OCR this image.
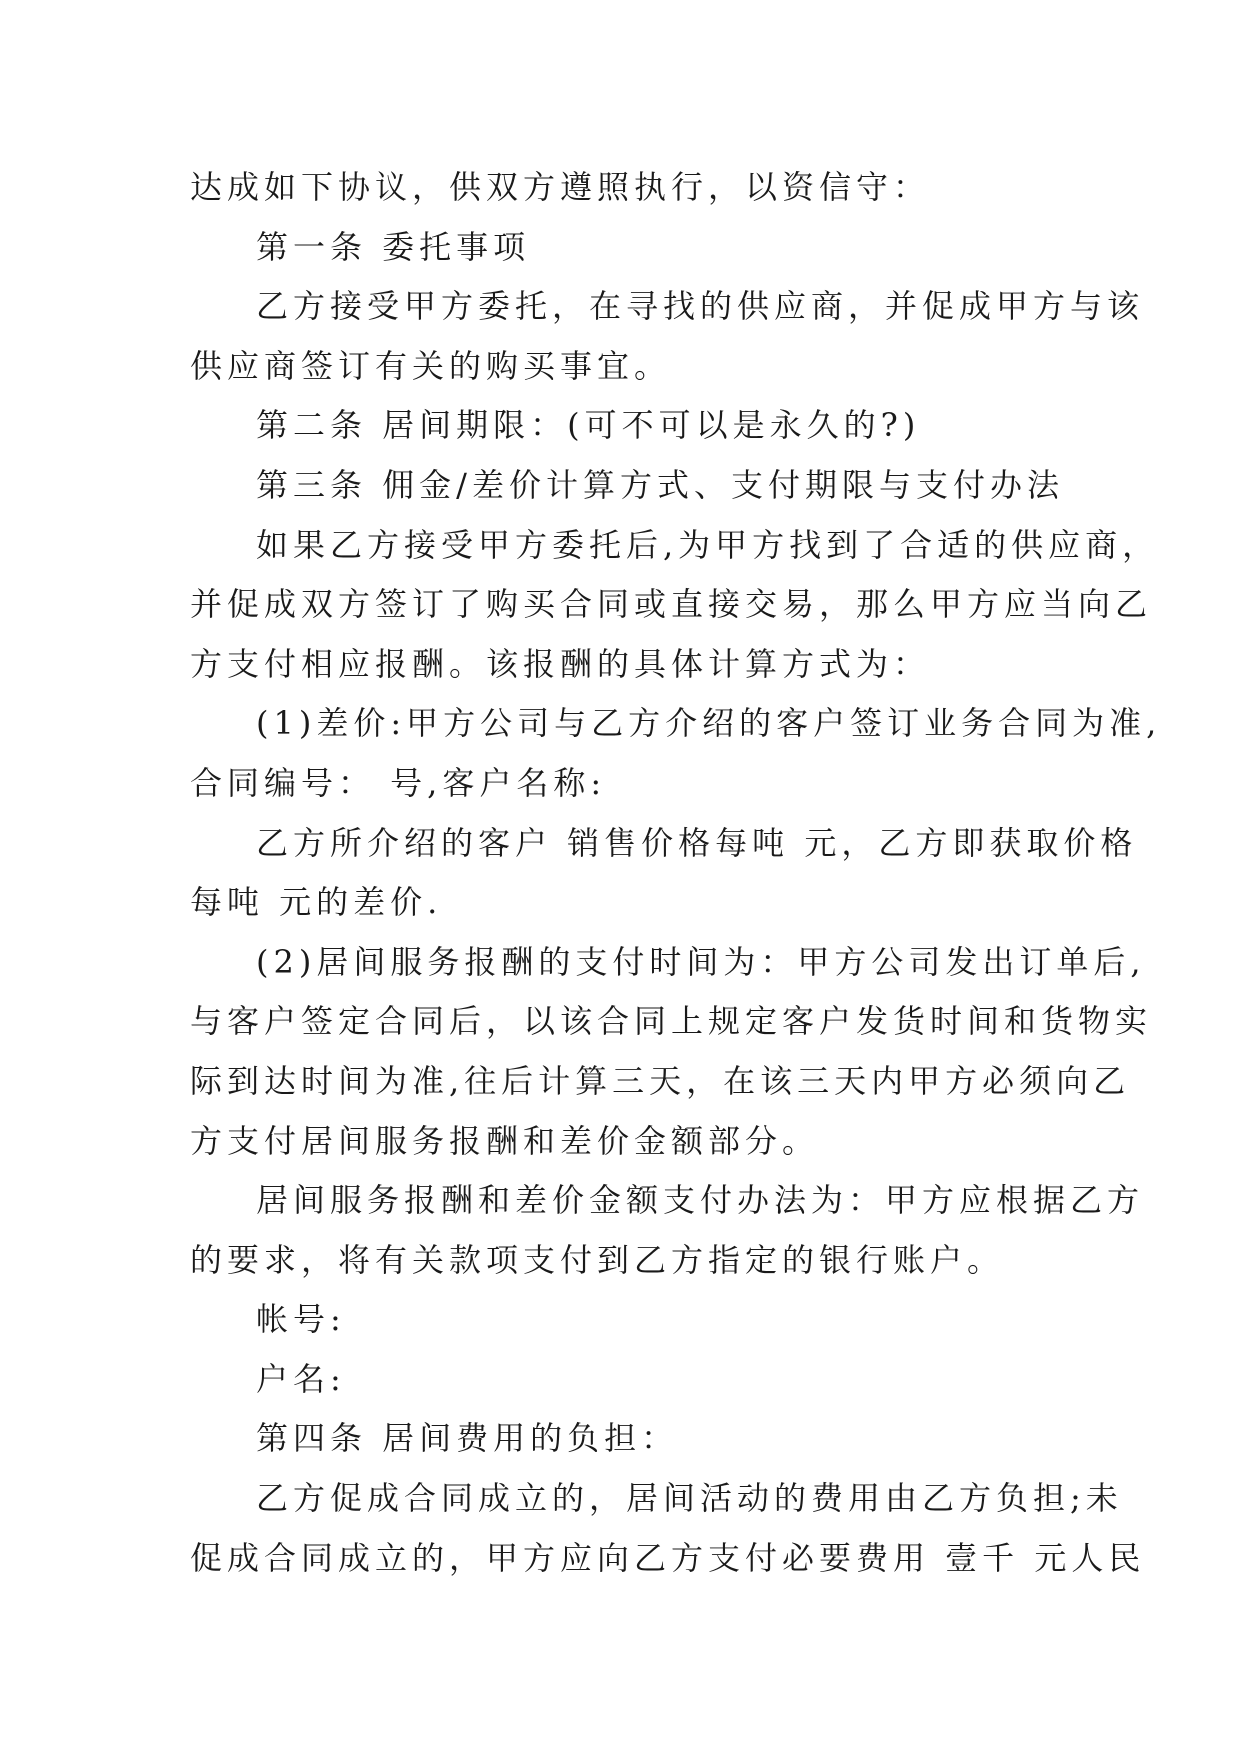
达成如下协议，供双方遵照执行，以资信守：
第一条 委托事项
乙方接受甲方委托，在寻找的供应商，并促成甲方与该
供应商签订有关的购买事宜。
第二条 居间期限：(可不可以是永久的?)
第三条 佣金/差价计算方式、支付期限与支付办法
如果乙方接受甲方委托后,为甲方找到了合适的供应商，
并促成双方签订了购买合同或直接交易，那么甲方应当向乙
方支付相应报酬。该报酬的具体计算方式为：
(1)差价:甲方公司与乙方介绍的客户签订业务合同为准,
合同编号： 号,客户名称:
乙方所介绍的客户 销售价格每吨 元，乙方即获取价格
每吨 元的差价.
(2)居间服务报酬的支付时间为：甲方公司发出订单后,
与客户签定合同后，以该合同上规定客户发货时间和货物实
际到达时间为准,往后计算三天，在该三天内甲方必须向乙
方支付居间服务报酬和差价金额部分。
居间服务报酬和差价金额支付办法为：甲方应根据乙方
的要求，将有关款项支付到乙方指定的银行账户。
帐号:
户名:
第四条 居间费用的负担：
乙方促成合同成立的，居间活动的费用由乙方负担;未
促成合同成立的，甲方应向乙方支付必要费用 壹千 元人民
